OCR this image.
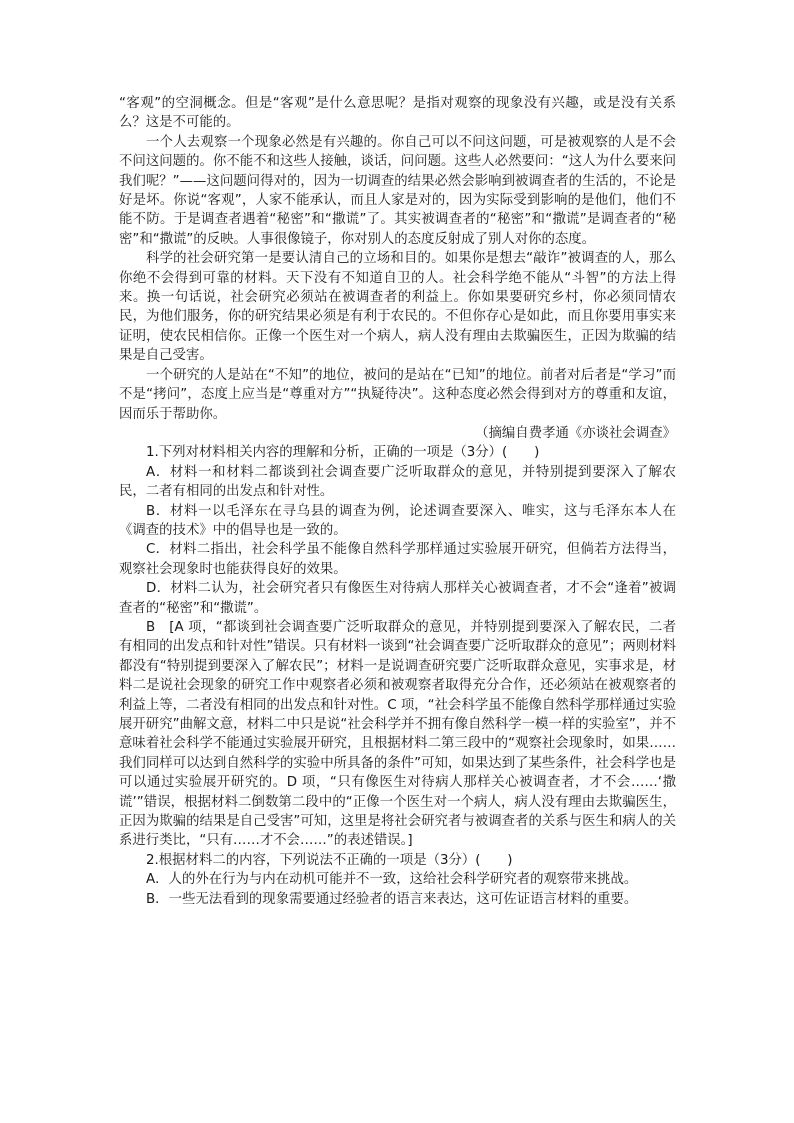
“客观”的空洞概念。但是“客观”是什么意思呢？是指对观察的现象没有兴趣，或是没有关系么？这是不可能的。

一个人去观察一个现象必然是有兴趣的。你自己可以不问这问题，可是被观察的人是不会不问这问题的。你不能不和这些人接触，谈话，问问题。这些人必然要问：“这人为什么要来问我们呢？”——这问题问得对的，因为一切调查的结果必然会影响到被调查者的生活的，不论是好是坏。你说“客观”，人家不能承认，而且人家是对的，因为实际受到影响的是他们，他们不能不防。于是调查者遇着“秘密”和“撒谎”了。其实被调查者的“秘密”和“撒谎”是调查者的“秘密”和“撒谎”的反映。人事很像镜子，你对别人的态度反射成了别人对你的态度。

科学的社会研究第一是要认清自己的立场和目的。如果你是想去“敲诈”被调查的人，那么你绝不会得到可靠的材料。天下没有不知道自卫的人。社会科学绝不能从“斗智”的方法上得来。换一句话说，社会研究必须站在被调查者的利益上。你如果要研究乡村，你必须同情农民，为他们服务，你的研究结果必须是有利于农民的。不但你存心是如此，而且你要用事实来证明，使农民相信你。正像一个医生对一个病人，病人没有理由去欺骗医生，正因为欺骗的结果是自己受害。

一个研究的人是站在“不知”的地位，被问的是站在“已知”的地位。前者对后者是“学习”而不是“拷问”，态度上应当是“尊重对方”“执疑待决”。这种态度必然会得到对方的尊重和友谊，因而乐于帮助你。

（摘编自费孝通《亦谈社会调查》

1.下列对材料相关内容的理解和分析，正确的一项是（3分）(　　)

A．材料一和材料二都谈到社会调查要广泛听取群众的意见，并特别提到要深入了解农民，二者有相同的出发点和针对性。

B．材料一以毛泽东在寻乌县的调查为例，论述调查要深入、唯实，这与毛泽东本人在《调查的技术》中的倡导也是一致的。

C．材料二指出，社会科学虽不能像自然科学那样通过实验展开研究，但倘若方法得当，观察社会现象时也能获得良好的效果。

D．材料二认为，社会研究者只有像医生对待病人那样关心被调查者，才不会“逢着”被调查者的“秘密”和“撒谎”。

B　[A 项，“都谈到社会调查要广泛听取群众的意见，并特别提到要深入了解农民，二者有相同的出发点和针对性”错误。只有材料一谈到“社会调查要广泛听取群众的意见”；两则材料都没有“特别提到要深入了解农民”；材料一是说调查研究要广泛听取群众意见，实事求是，材料二是说社会现象的研究工作中观察者必须和被观察者取得充分合作，还必须站在被观察者的利益上等，二者没有相同的出发点和针对性。C 项，“社会科学虽不能像自然科学那样通过实验展开研究”曲解文意，材料二中只是说“社会科学并不拥有像自然科学一模一样的实验室”，并不意味着社会科学不能通过实验展开研究，且根据材料二第三段中的“观察社会现象时，如果……我们同样可以达到自然科学的实验中所具备的条件”可知，如果达到了某些条件，社会科学也是可以通过实验展开研究的。D 项，“只有像医生对待病人那样关心被调查者，才不会……‘撒谎’”错误，根据材料二倒数第二段中的“正像一个医生对一个病人，病人没有理由去欺骗医生，正因为欺骗的结果是自己受害”可知，这里是将社会研究者与被调查者的关系与医生和病人的关系进行类比，“只有……才不会……”的表述错误。]

2.根据材料二的内容，下列说法不正确的一项是（3分）(　　)

A．人的外在行为与内在动机可能并不一致，这给社会科学研究者的观察带来挑战。

B．一些无法看到的现象需要通过经验者的语言来表达，这可佐证语言材料的重要。
